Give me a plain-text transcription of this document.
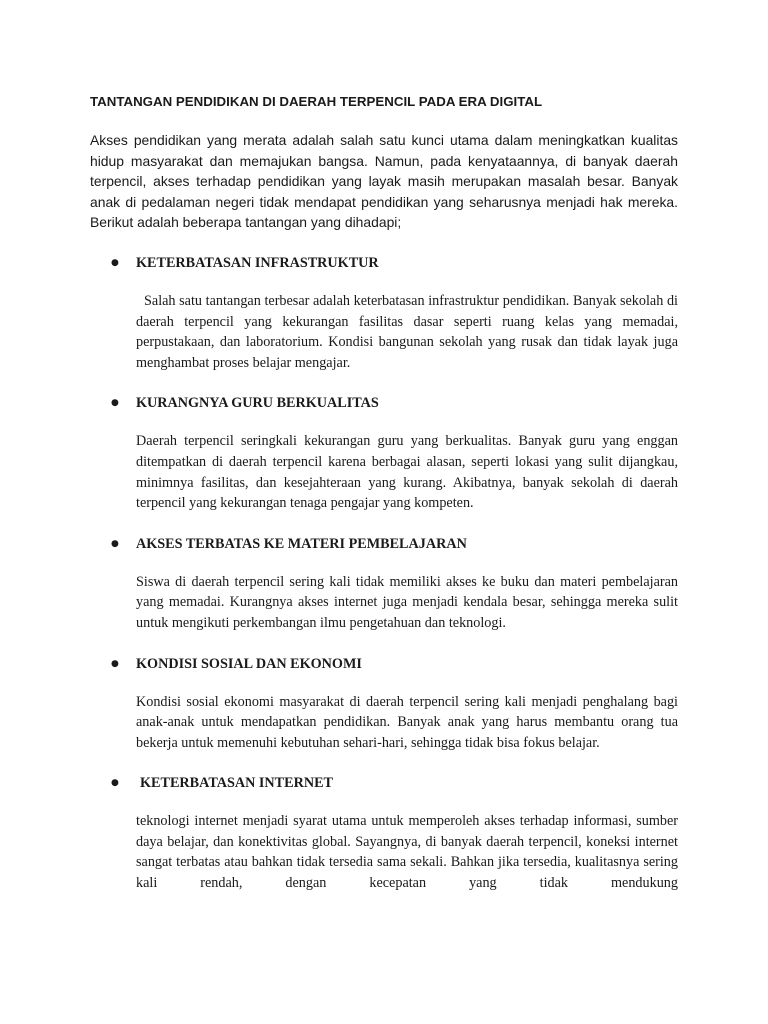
TANTANGAN PENDIDIKAN DI DAERAH TERPENCIL PADA ERA DIGITAL

Akses pendidikan yang merata adalah salah satu kunci utama dalam meningkatkan kualitas hidup masyarakat dan memajukan bangsa. Namun, pada kenyataannya, di banyak daerah terpencil, akses terhadap pendidikan yang layak masih merupakan masalah besar. Banyak anak di pedalaman negeri tidak mendapat pendidikan yang seharusnya menjadi hak mereka. Berikut adalah beberapa tantangan yang dihadapi;

● KETERBATASAN INFRASTRUKTUR

Salah satu tantangan terbesar adalah keterbatasan infrastruktur pendidikan. Banyak sekolah di daerah terpencil yang kekurangan fasilitas dasar seperti ruang kelas yang memadai, perpustakaan, dan laboratorium. Kondisi bangunan sekolah yang rusak dan tidak layak juga menghambat proses belajar mengajar.

● KURANGNYA GURU BERKUALITAS

Daerah terpencil seringkali kekurangan guru yang berkualitas. Banyak guru yang enggan ditempatkan di daerah terpencil karena berbagai alasan, seperti lokasi yang sulit dijangkau, minimnya fasilitas, dan kesejahteraan yang kurang. Akibatnya, banyak sekolah di daerah terpencil yang kekurangan tenaga pengajar yang kompeten.

● AKSES TERBATAS KE MATERI PEMBELAJARAN

Siswa di daerah terpencil sering kali tidak memiliki akses ke buku dan materi pembelajaran yang memadai. Kurangnya akses internet juga menjadi kendala besar, sehingga mereka sulit untuk mengikuti perkembangan ilmu pengetahuan dan teknologi.

● KONDISI SOSIAL DAN EKONOMI

Kondisi sosial ekonomi masyarakat di daerah terpencil sering kali menjadi penghalang bagi anak-anak untuk mendapatkan pendidikan. Banyak anak yang harus membantu orang tua bekerja untuk memenuhi kebutuhan sehari-hari, sehingga tidak bisa fokus belajar.

● KETERBATASAN INTERNET

teknologi internet menjadi syarat utama untuk memperoleh akses terhadap informasi, sumber daya belajar, dan konektivitas global. Sayangnya, di banyak daerah terpencil, koneksi internet sangat terbatas atau bahkan tidak tersedia sama sekali. Bahkan jika tersedia, kualitasnya sering kali rendah, dengan kecepatan yang tidak mendukung
